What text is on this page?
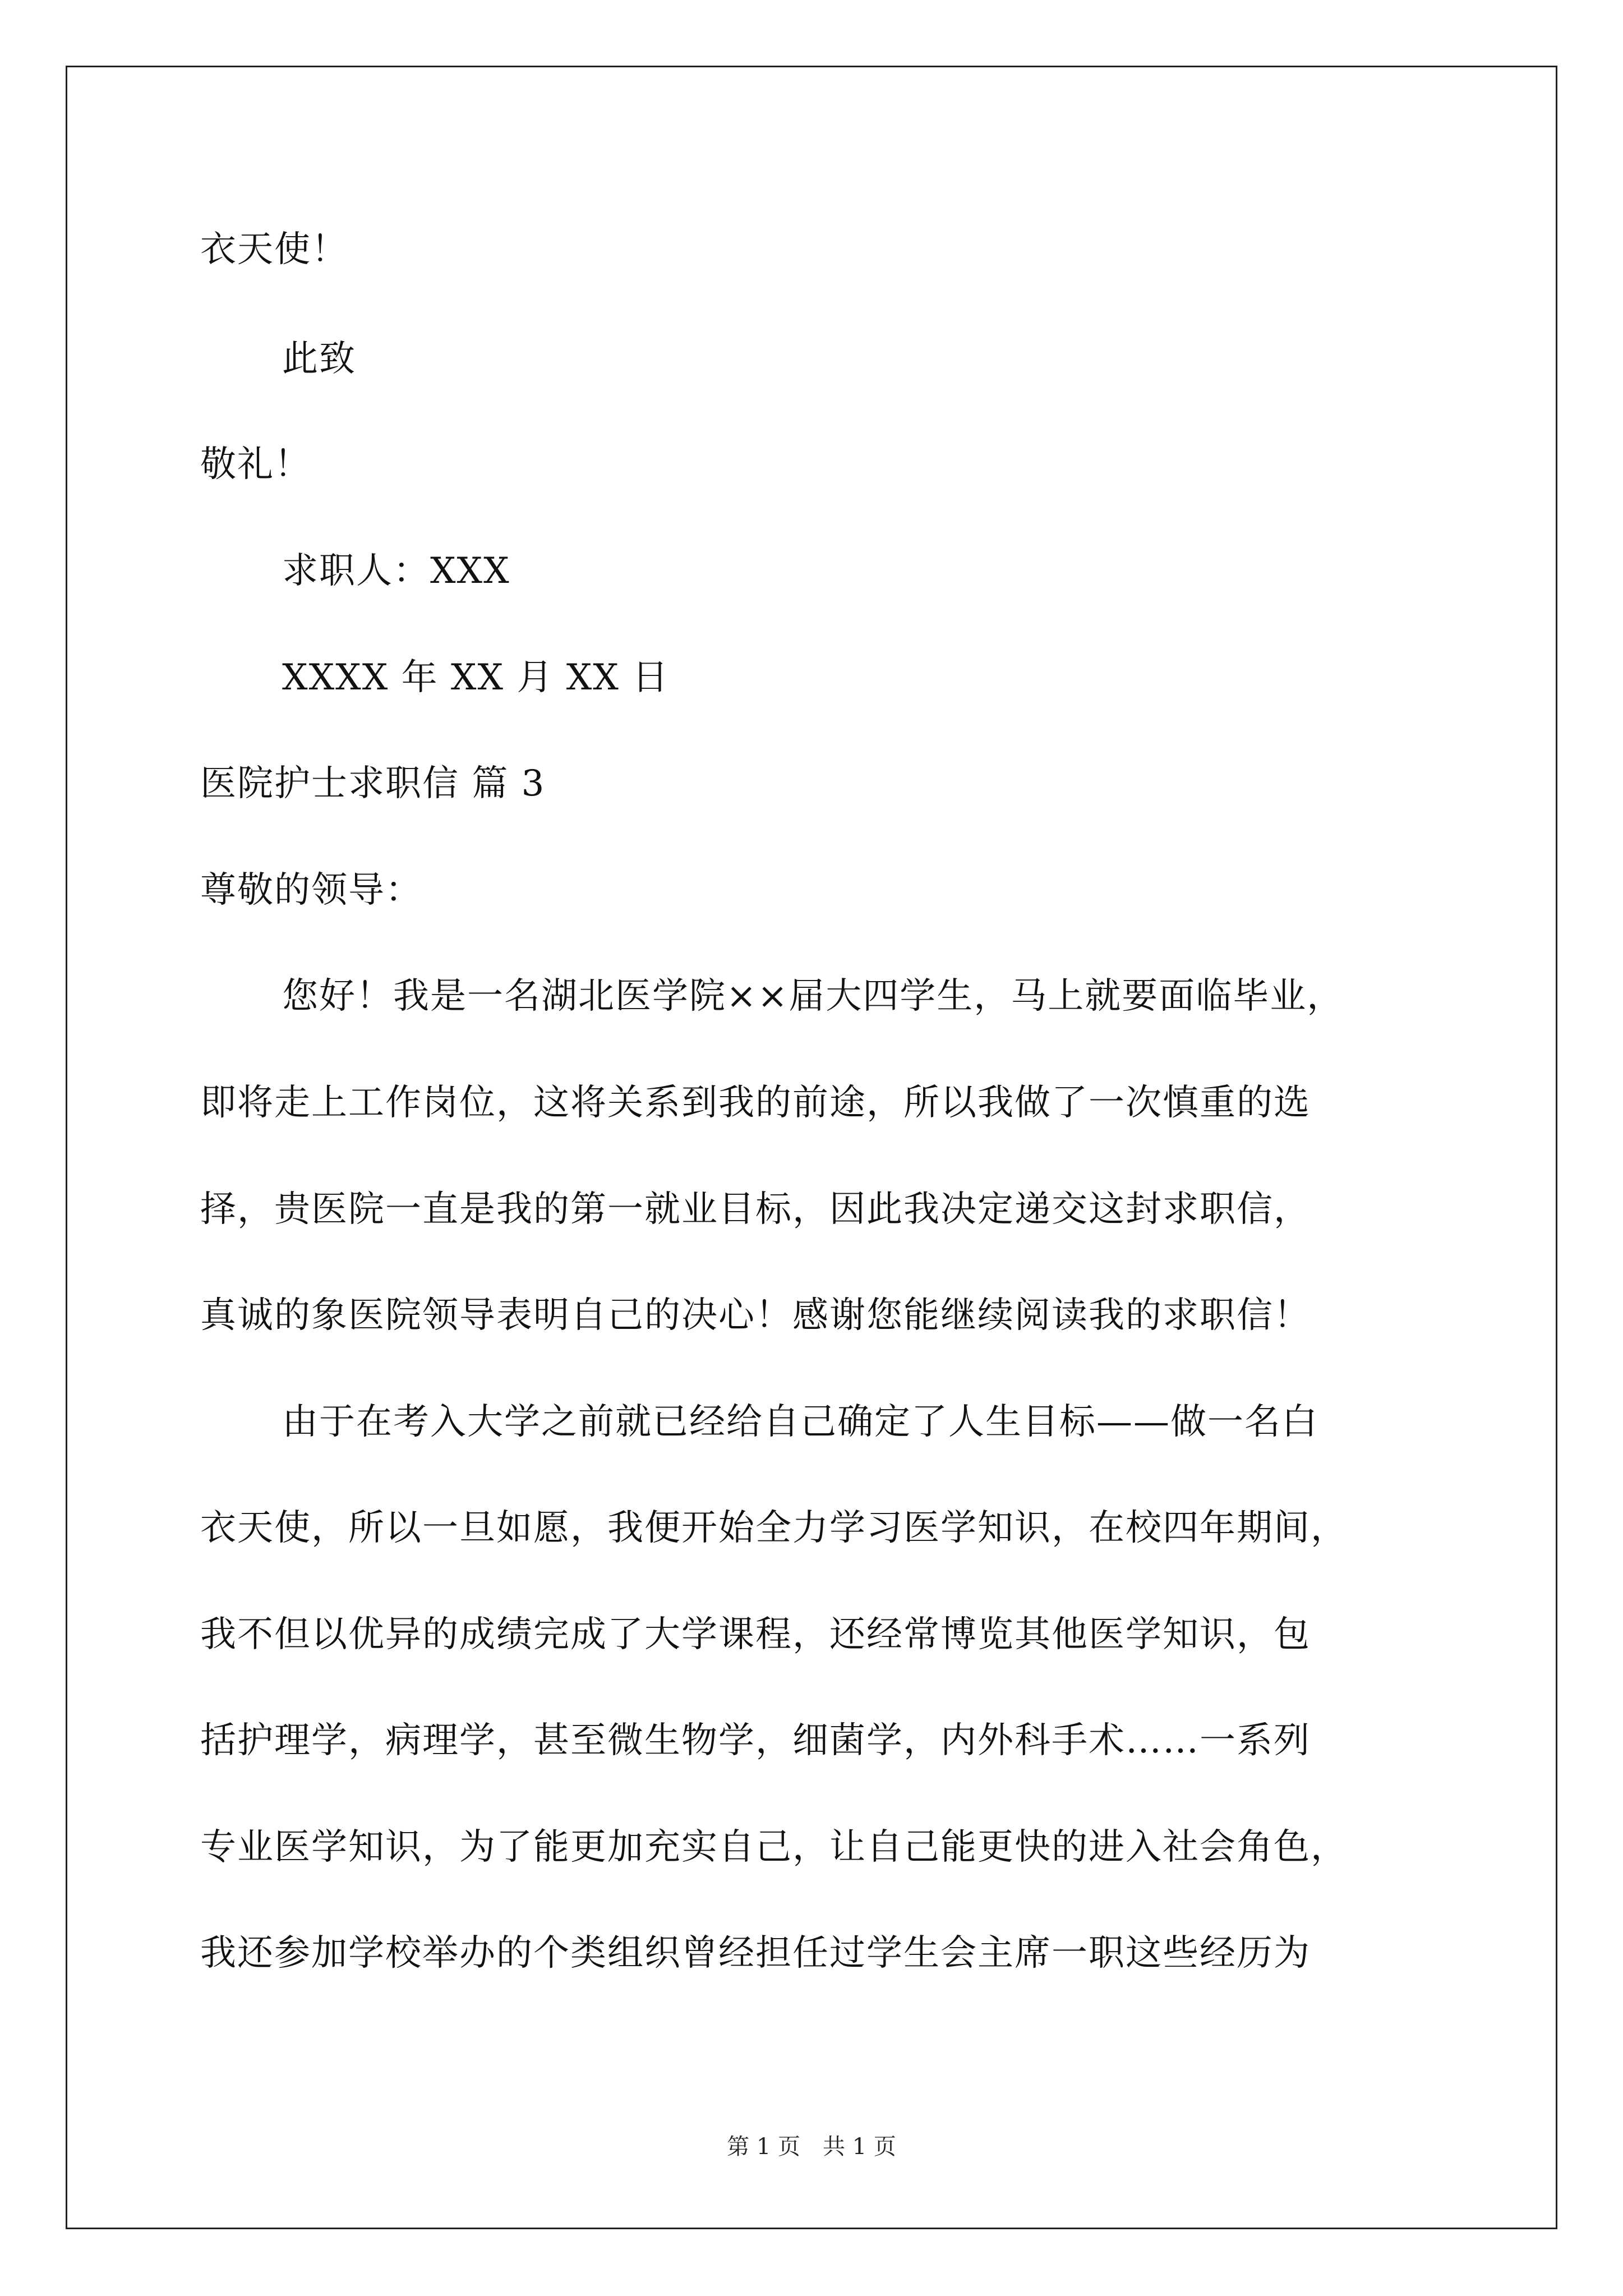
衣天使！
此致
敬礼！
求职人：XXX
XXXX 年 XX 月 XX 日
医院护士求职信 篇 3
尊敬的领导：
您好！我是一名湖北医学院××届大四学生，马上就要面临毕业，
即将走上工作岗位，这将关系到我的前途，所以我做了一次慎重的选
择，贵医院一直是我的第一就业目标，因此我决定递交这封求职信，
真诚的象医院领导表明自己的决心！感谢您能继续阅读我的求职信！
由于在考入大学之前就已经给自己确定了人生目标——做一名白
衣天使，所以一旦如愿，我便开始全力学习医学知识，在校四年期间，
我不但以优异的成绩完成了大学课程，还经常博览其他医学知识，包
括护理学，病理学，甚至微生物学，细菌学，内外科手术……一系列
专业医学知识，为了能更加充实自己，让自己能更快的进入社会角色，
我还参加学校举办的个类组织曾经担任过学生会主席一职这些经历为
第 1 页　共 1 页
